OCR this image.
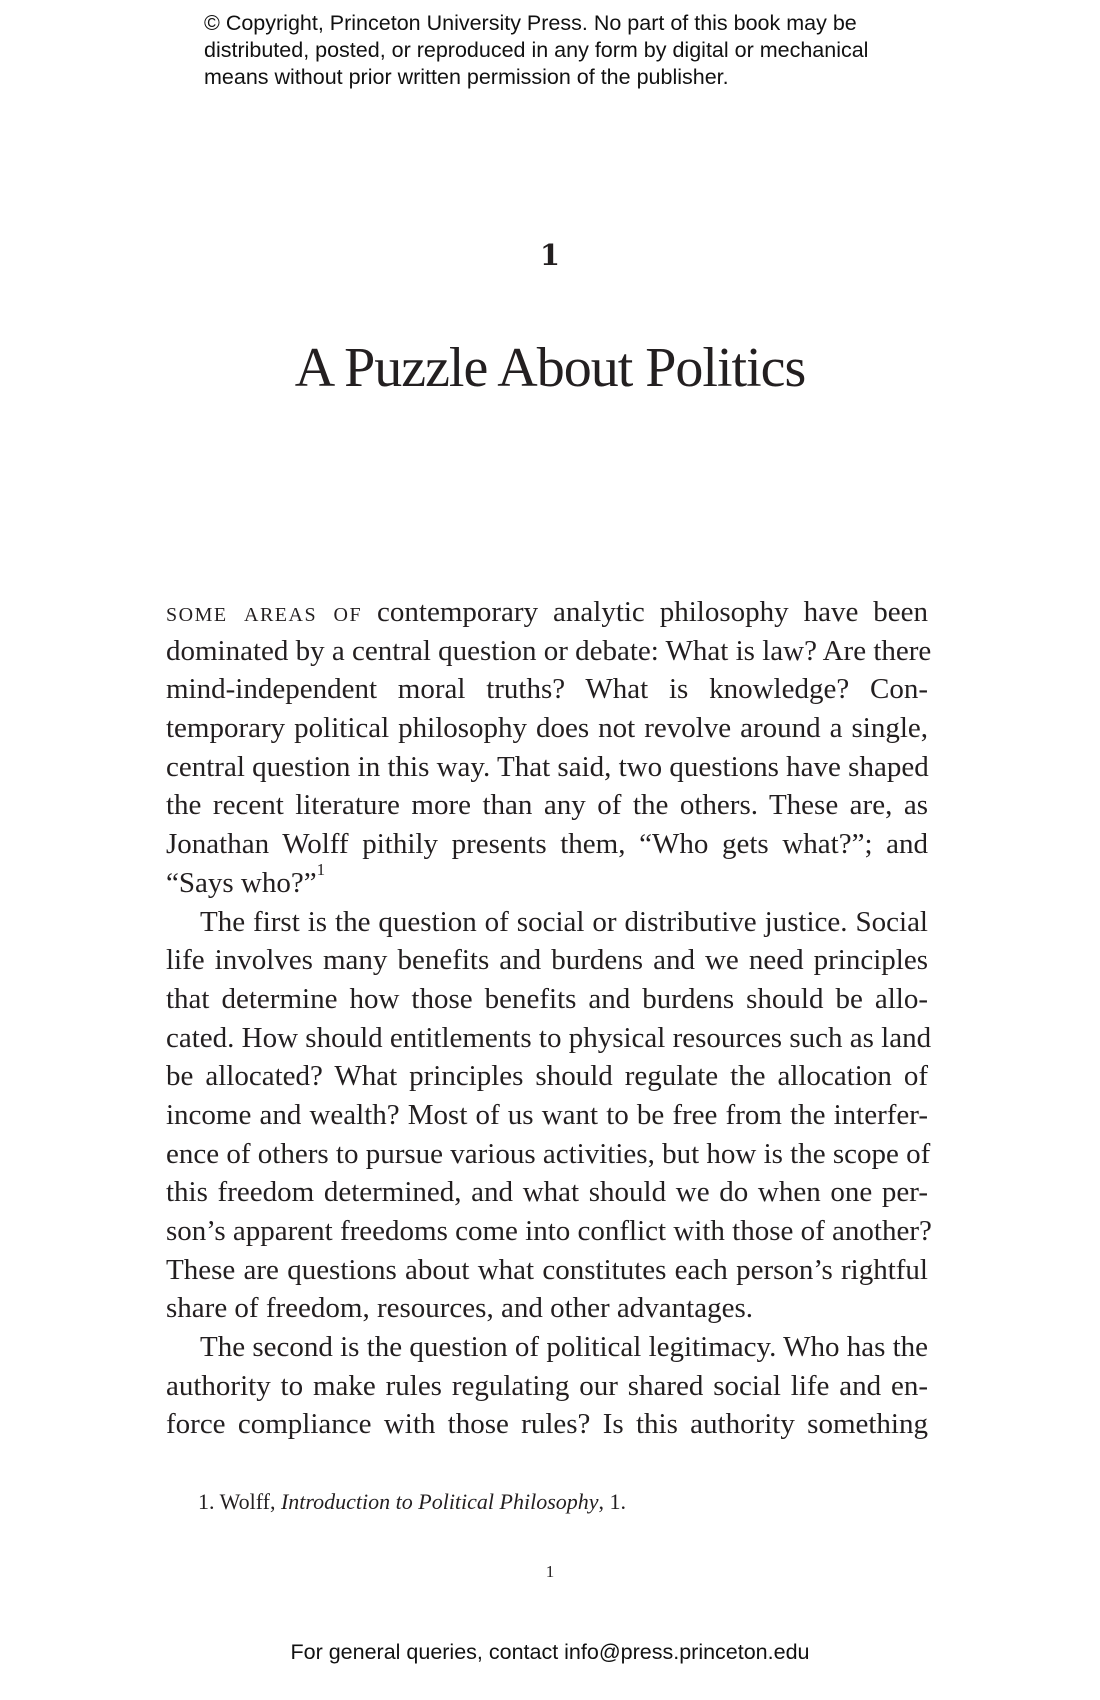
© Copyright, Princeton University Press. No part of this book may be
distributed, posted, or reproduced in any form by digital or mechanical
means without prior written permission of the publisher.
1
A Puzzle About Politics
some areas of contemporary analytic philosophy have been
dominated by a central question or debate: What is law? Are there
mind-independent moral truths? What is knowledge? Con-
temporary political philosophy does not revolve around a single,
central question in this way. That said, two questions have shaped
the recent literature more than any of the others. These are, as
Jonathan Wolff pithily presents them, “Who gets what?”; and
“Says who?”$^1$
The first is the question of social or distributive justice. Social
life involves many benefits and burdens and we need principles
that determine how those benefits and burdens should be allo-
cated. How should entitlements to physical resources such as land
be allocated? What principles should regulate the allocation of
income and wealth? Most of us want to be free from the interfer-
ence of others to pursue various activities, but how is the scope of
this freedom determined, and what should we do when one per-
son’s apparent freedoms come into conflict with those of another?
These are questions about what constitutes each person’s rightful
share of freedom, resources, and other advantages.
The second is the question of political legitimacy. Who has the
authority to make rules regulating our shared social life and en-
force compliance with those rules? Is this authority something
1. Wolff, Introduction to Political Philosophy, 1.
1
For general queries, contact info@press.princeton.edu
